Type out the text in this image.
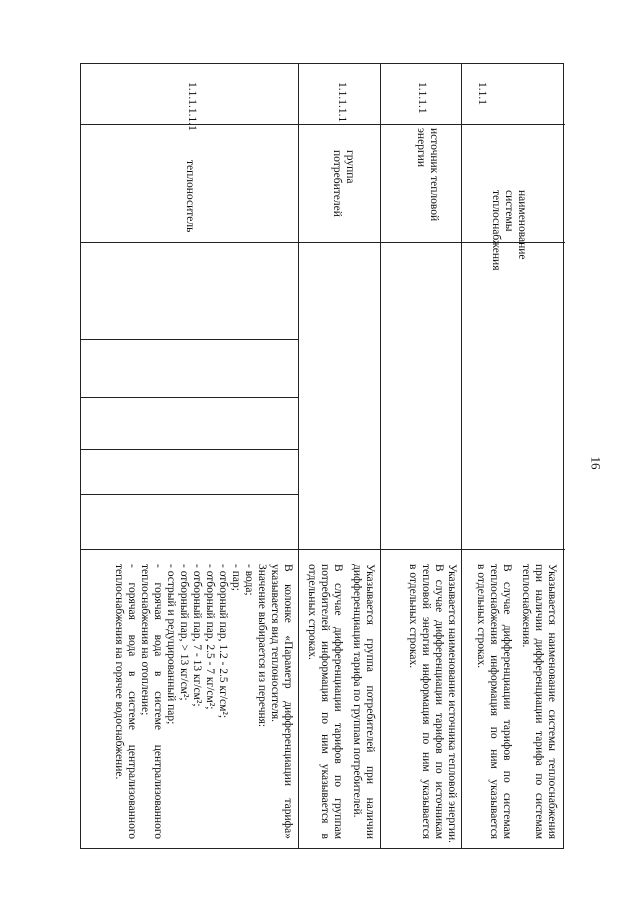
16
1.1.1
наименование
системы
теплоснабжения
Указывается наименование системы теплоснабжения
при наличии дифференциации тарифа по системам
теплоснабжения.
В случае дифференциации тарифов по системам
теплоснабжения информация по ним указывается
в отдельных строках.
1.1.1.1
источник тепловой
энергии
Указывается наименование источника тепловой энергии.
В случае дифференциации тарифов по источникам
тепловой энергии информация по ним указывается
в отдельных строках.
1.1.1.1.1
группа
потребителей
Указывается группа потребителей при наличии
дифференциации тарифа по группам потребителей.
В случае дифференциации тарифов по группам
потребителей информация по ним указывается в
отдельных строках.
1.1.1.1.1.1
теплоноситель
В колонке «Параметр дифференциации тарифа»
указывается вид теплоносителя.
Значение выбирается из перечня:
- вода;
- пар;
- отборный пар, 1.2 - 2.5 кг/см²;
- отборный пар, 2.5 - 7 кг/см²;
- отборный пар, 7 - 13 кг/см²;
- отборный пар, > 13 кг/см²;
- острый и редуцированный пар;
- горячая вода в системе централизованного
теплоснабжения на отопление;
- горячая вода в системе централизованного
теплоснабжения на горячее водоснабжение.
